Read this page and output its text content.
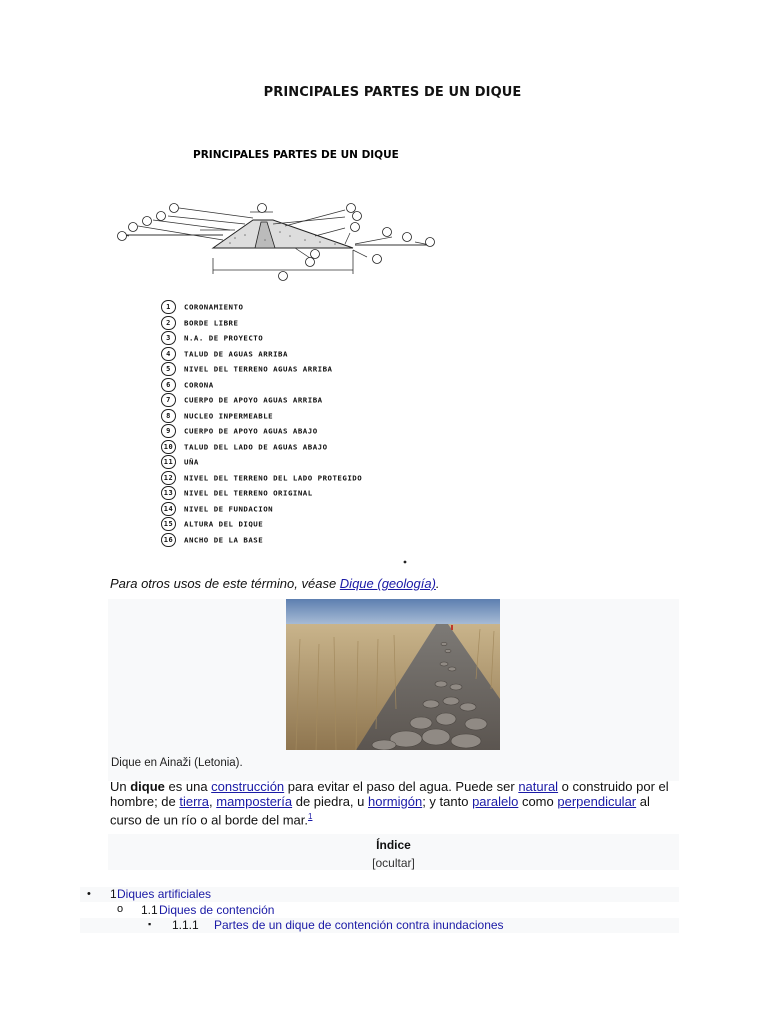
PRINCIPALES PARTES DE UN DIQUE
PRINCIPALES PARTES DE UN DIQUE
1 CORONAMIENTO
2 BORDE LIBRE
3 N.A. DE PROYECTO
4 TALUD DE AGUAS ARRIBA
5 NIVEL DEL TERRENO AGUAS ARRIBA
6 CORONA
7 CUERPO DE APOYO AGUAS ARRIBA
8 NUCLEO INPERMEABLE
9 CUERPO DE APOYO AGUAS ABAJO
10 TALUD DEL LADO DE AGUAS ABAJO
11 UÑA
12 NIVEL DEL TERRENO DEL LADO PROTEGIDO
13 NIVEL DEL TERRENO ORIGINAL
14 NIVEL DE FUNDACION
15 ALTURA DEL DIQUE
16 ANCHO DE LA BASE
Para otros usos de este término, véase Dique (geología).
Dique en Ainaži (Letonia).
Un dique es una construcción para evitar el paso del agua. Puede ser natural o construido por el hombre; de tierra, mampostería de piedra, u hormigón; y tanto paralelo como perpendicular al curso de un río o al borde del mar.$^1$
Índice
[ocultar]
• 1 Diques artificiales
o 1.1 Diques de contención
▪ 1.1.1 Partes de un dique de contención contra inundaciones
